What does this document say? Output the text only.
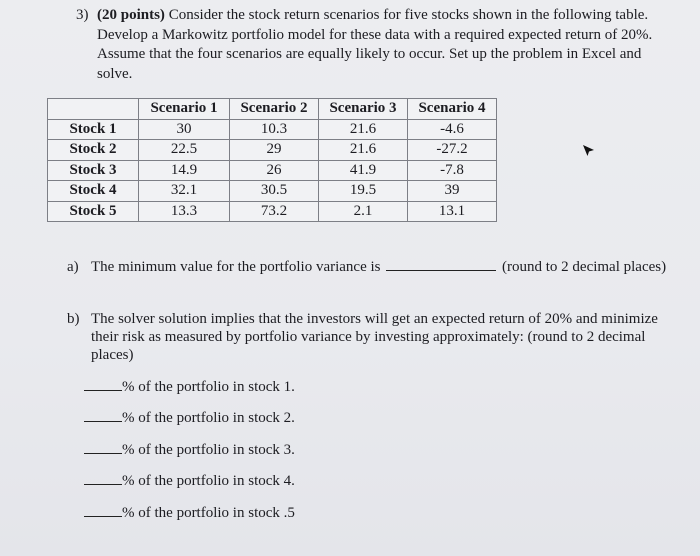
3) (20 points) Consider the stock return scenarios for five stocks shown in the following table. Develop a Markowitz portfolio model for these data with a required expected return of 20%. Assume that the four scenarios are equally likely to occur. Set up the problem in Excel and solve.
	Scenario 1	Scenario 2	Scenario 3	Scenario 4
Stock 1	30	10.3	21.6	-4.6
Stock 2	22.5	29	21.6	-27.2
Stock 3	14.9	26	41.9	-7.8
Stock 4	32.1	30.5	19.5	39
Stock 5	13.3	73.2	2.1	13.1
a) The minimum value for the portfolio variance is	(round to 2 decimal places)
b) The solver solution implies that the investors will get an expected return of 20% and minimize their risk as measured by portfolio variance by investing approximately: (round to 2 decimal places)
% of the portfolio in stock 1.
% of the portfolio in stock 2.
% of the portfolio in stock 3.
% of the portfolio in stock 4.
% of the portfolio in stock .5
